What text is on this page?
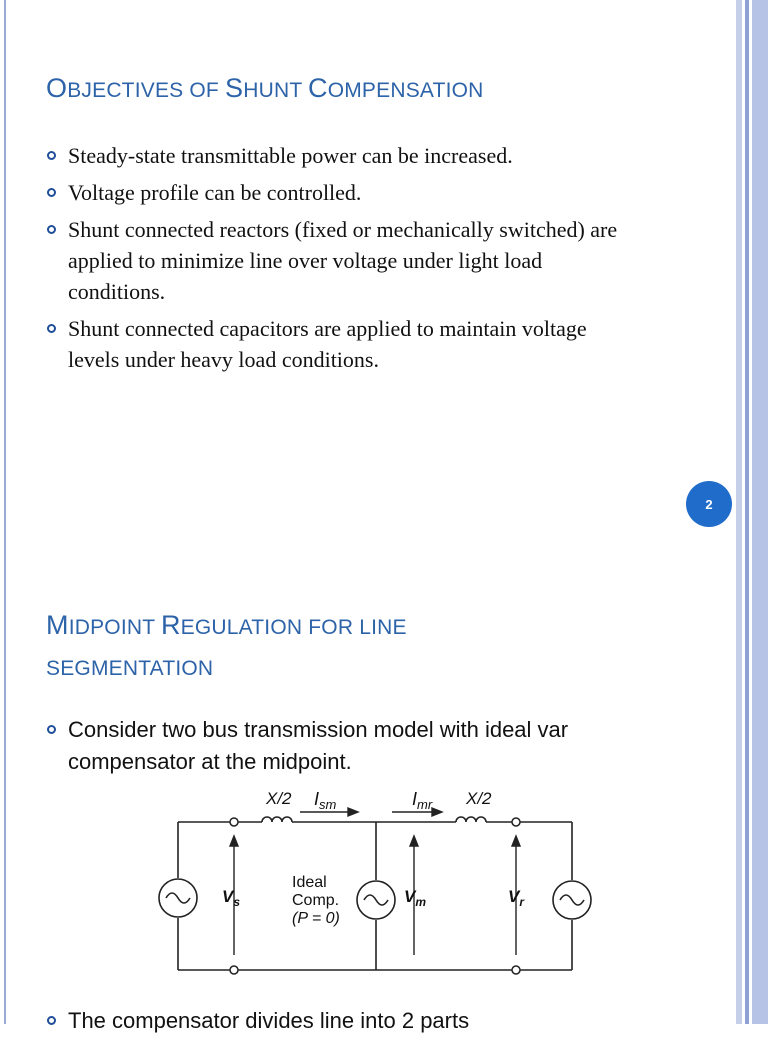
OBJECTIVES OF SHUNT COMPENSATION
Steady-state transmittable power can be increased.
Voltage profile can be controlled.
Shunt connected reactors (fixed or mechanically switched) are applied to minimize line over voltage under light load conditions.
Shunt connected capacitors are applied to maintain voltage levels under heavy load conditions.
2
MIDPOINT REGULATION FOR LINE
SEGMENTATION
Consider two bus transmission model with ideal var compensator at the midpoint.
The compensator divides line into 2 parts
X/2 $I_{sm}$	$I_{mr}$ X/2
$V_s$	$V_m$	$V_r$
Ideal
Comp.
(P = 0)
